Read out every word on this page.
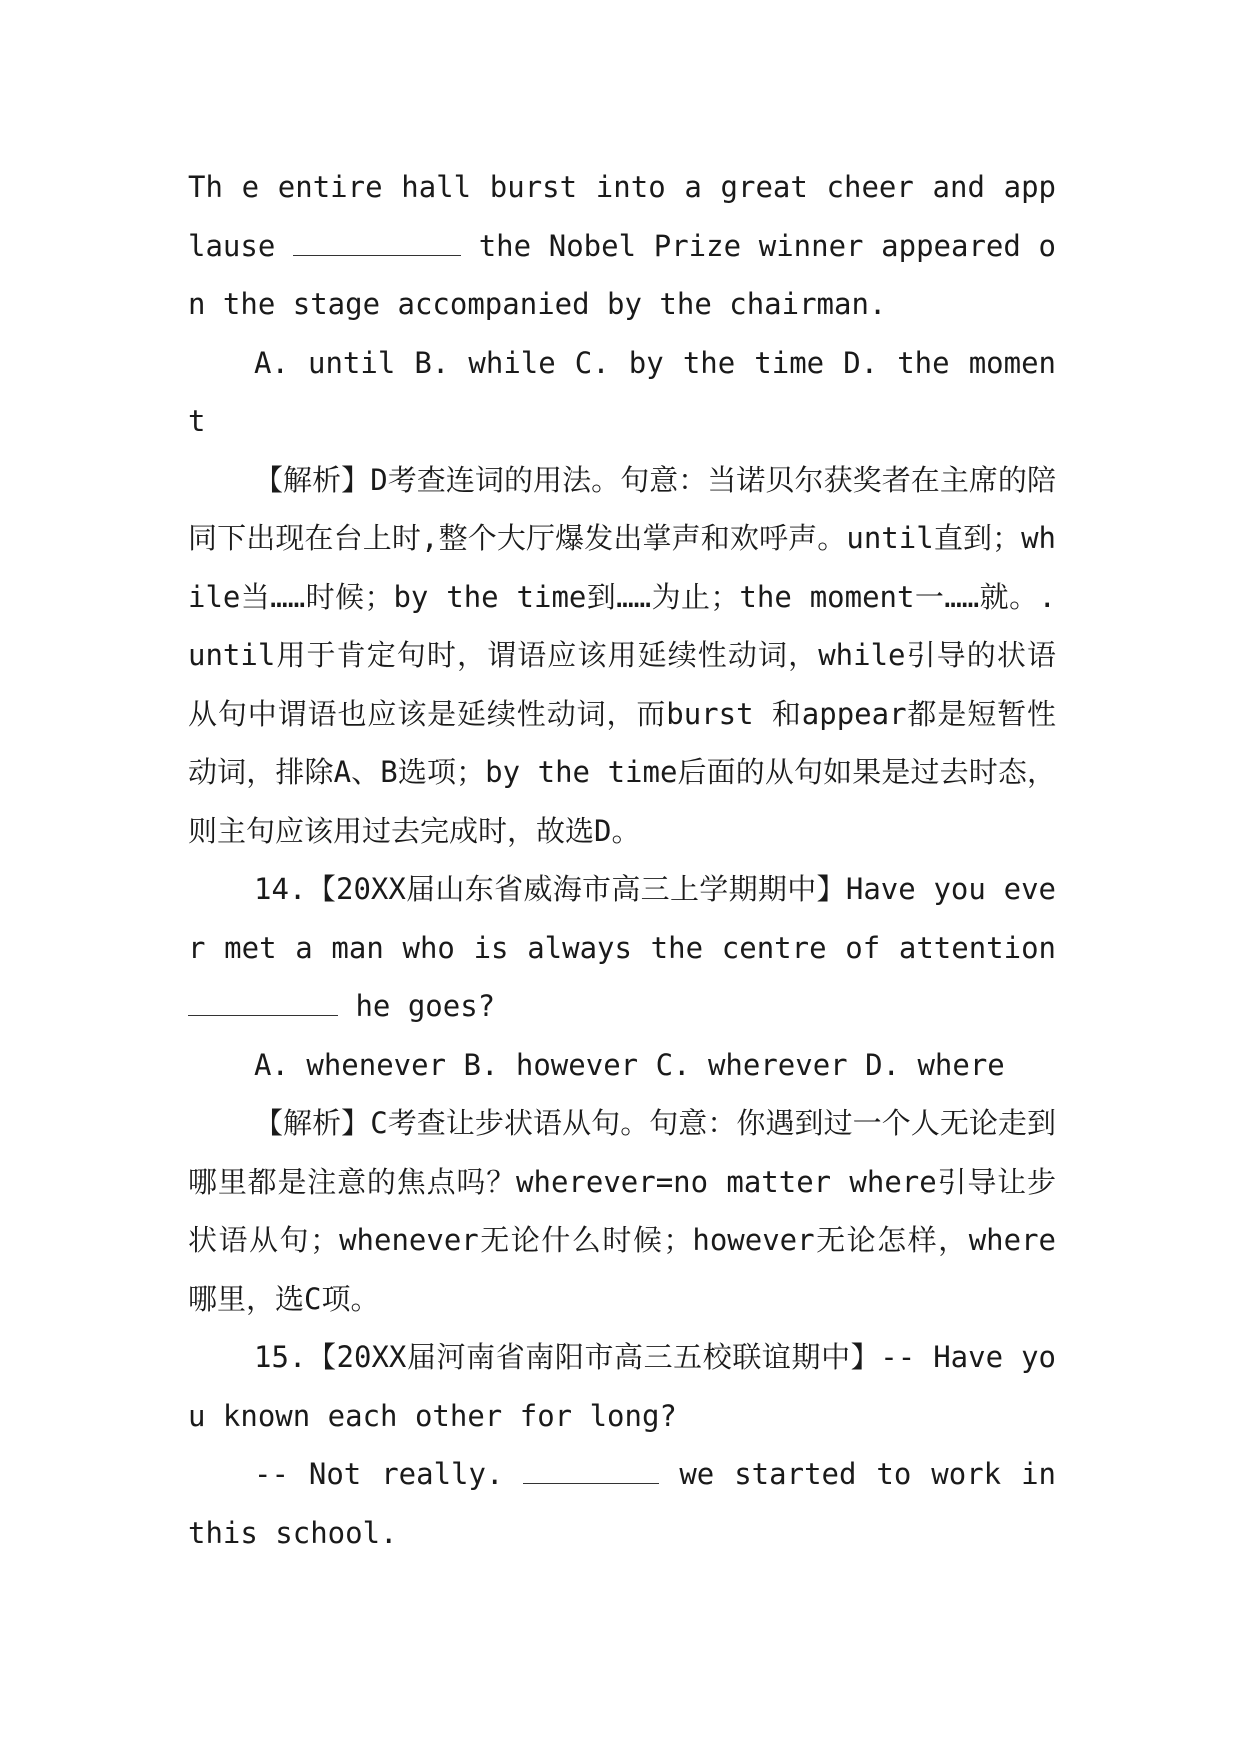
Th e entire hall burst into a great cheer and applause	the Nobel Prize winner appeared on the stage accompanied by the chairman.

A. until B. while C. by the time D. the moment

【解析】D考查连词的用法。句意：当诺贝尔获奖者在主席的陪同下出现在台上时,整个大厅爆发出掌声和欢呼声。until直到；while当……时候；by the time到……为止；the moment一……就。.until用于肯定句时，谓语应该用延续性动词，while引导的状语从句中谓语也应该是延续性动词，而burst 和appear都是短暂性动词，排除A、B选项；by the time后面的从句如果是过去时态，则主句应该用过去完成时，故选D。

14.【20XX届山东省威海市高三上学期期中】Have you ever met a man who is always the centre of attention  he goes?

A. whenever B. however C. wherever D. where

【解析】C考查让步状语从句。句意：你遇到过一个人无论走到哪里都是注意的焦点吗？wherever=no matter where引导让步状语从句；whenever无论什么时候；however无论怎样，where哪里，选C项。

15.【20XX届河南省南阳市高三五校联谊期中】-- Have you known each other for long?

-- Not really.	we started to work in this school.
